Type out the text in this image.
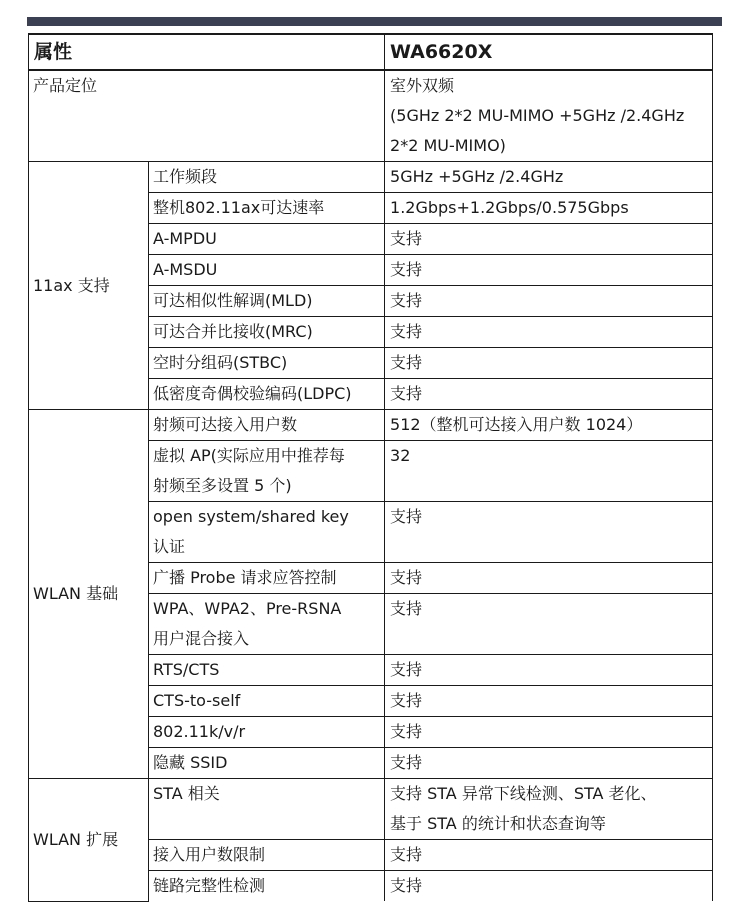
属性		WA6620X
产品定位		室外双频
(5GHz 2*2 MU-MIMO +5GHz /2.4GHz
2*2 MU-MIMO)

11ax 支持	工作频段	5GHz +5GHz /2.4GHz
	整机802.11ax可达速率	1.2Gbps+1.2Gbps/0.575Gbps
	A-MPDU	支持
	A-MSDU	支持
	可达相似性解调(MLD)	支持
	可达合并比接收(MRC)	支持
	空时分组码(STBC)	支持
	低密度奇偶校验编码(LDPC)	支持
WLAN 基础	射频可达接入用户数	512（整机可达接入用户数 1024）

	虚拟 AP(实际应用中推荐每
射频至多设置 5 个)	32

	open system/shared key
认证	支持

	广播 Probe 请求应答控制	支持

	WPA、WPA2、Pre-RSNA
用户混合接入	支持

	RTS/CTS	支持

	CTS-to-self	支持

	802.11k/v/r	支持

	隐藏 SSID	支持

WLAN 扩展	STA 相关	支持 STA 异常下线检测、STA 老化、
基于 STA 的统计和状态查询等

	接入用户数限制	支持

	链路完整性检测	支持
